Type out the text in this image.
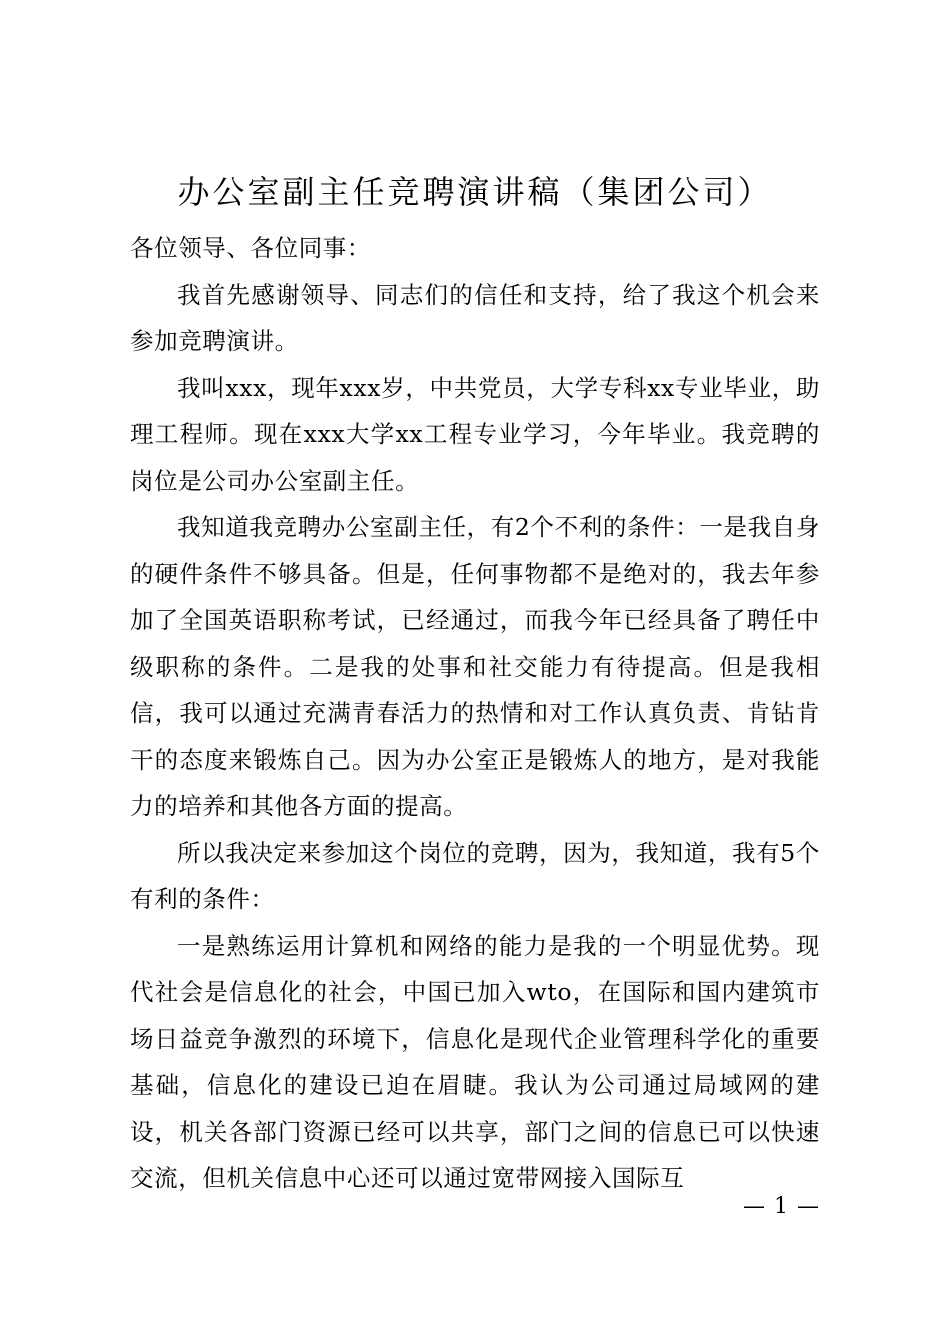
办公室副主任竞聘演讲稿（集团公司）

各位领导、各位同事：

我首先感谢领导、同志们的信任和支持，给了我这个机会来参加竞聘演讲。

我叫xxx，现年xxx岁，中共党员，大学专科xx专业毕业，助理工程师。现在xxx大学xx工程专业学习，今年毕业。我竞聘的岗位是公司办公室副主任。

我知道我竞聘办公室副主任，有2个不利的条件：一是我自身的硬件条件不够具备。但是，任何事物都不是绝对的，我去年参加了全国英语职称考试，已经通过，而我今年已经具备了聘任中级职称的条件。二是我的处事和社交能力有待提高。但是我相信，我可以通过充满青春活力的热情和对工作认真负责、肯钻肯干的态度来锻炼自己。因为办公室正是锻炼人的地方，是对我能力的培养和其他各方面的提高。

所以我决定来参加这个岗位的竞聘，因为，我知道，我有5个有利的条件：

一是熟练运用计算机和网络的能力是我的一个明显优势。现代社会是信息化的社会，中国已加入wto，在国际和国内建筑市场日益竞争激烈的环境下，信息化是现代企业管理科学化的重要基础，信息化的建设已迫在眉睫。我认为公司通过局域网的建设，机关各部门资源已经可以共享，部门之间的信息已可以快速交流，但机关信息中心还可以通过宽带网接入国际互

— 1 —
